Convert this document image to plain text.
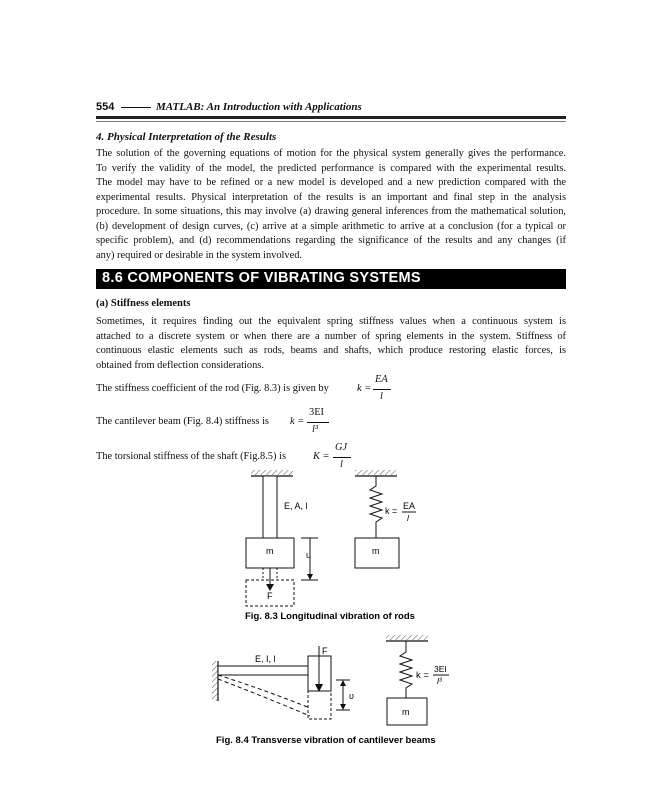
554	MATLAB: An Introduction with Applications
4. Physical Interpretation of the Results
The solution of the governing equations of motion for the physical system generally gives the performance.
To verify the validity of the model, the predicted performance is compared with the experimental results.
The model may have to be refined or a new model is developed and a new prediction compared with the
experimental results. Physical interpretation of the results is an important and final step in the analysis
procedure. In some situations, this may involve (a) drawing general inferences from the mathematical solution,
(b) development of design curves, (c) arrive at a simple arithmetic to arrive at a conclusion (for a typical or
specific problem), and (d) recommendations regarding the significance of the results and any changes (if
any) required or desirable in the system involved.
8.6 COMPONENTS OF VIBRATING SYSTEMS
(a) Stiffness elements
Sometimes, it requires finding out the equivalent spring stiffness values when a continuous system is
attached to a discrete system or when there are a number of spring elements in the system. Stiffness of
continuous elastic elements such as rods, beams and shafts, which produce restoring elastic forces, is
obtained from deflection considerations.
The stiffness coefficient of the rod (Fig. 8.3) is given by	k =
EA
l
The cantilever beam (Fig. 8.4) stiffness is k =
3EI
l³
The torsional stiffness of the shaft (Fig.8.5) is	K =
GJ
l
E, A, l
m
F
u
k = EA
l
m
Fig. 8.3 Longitudinal vibration of rods
E, I, l
F
υ
k =
3EI
l³
m
Fig. 8.4 Transverse vibration of cantilever beams
